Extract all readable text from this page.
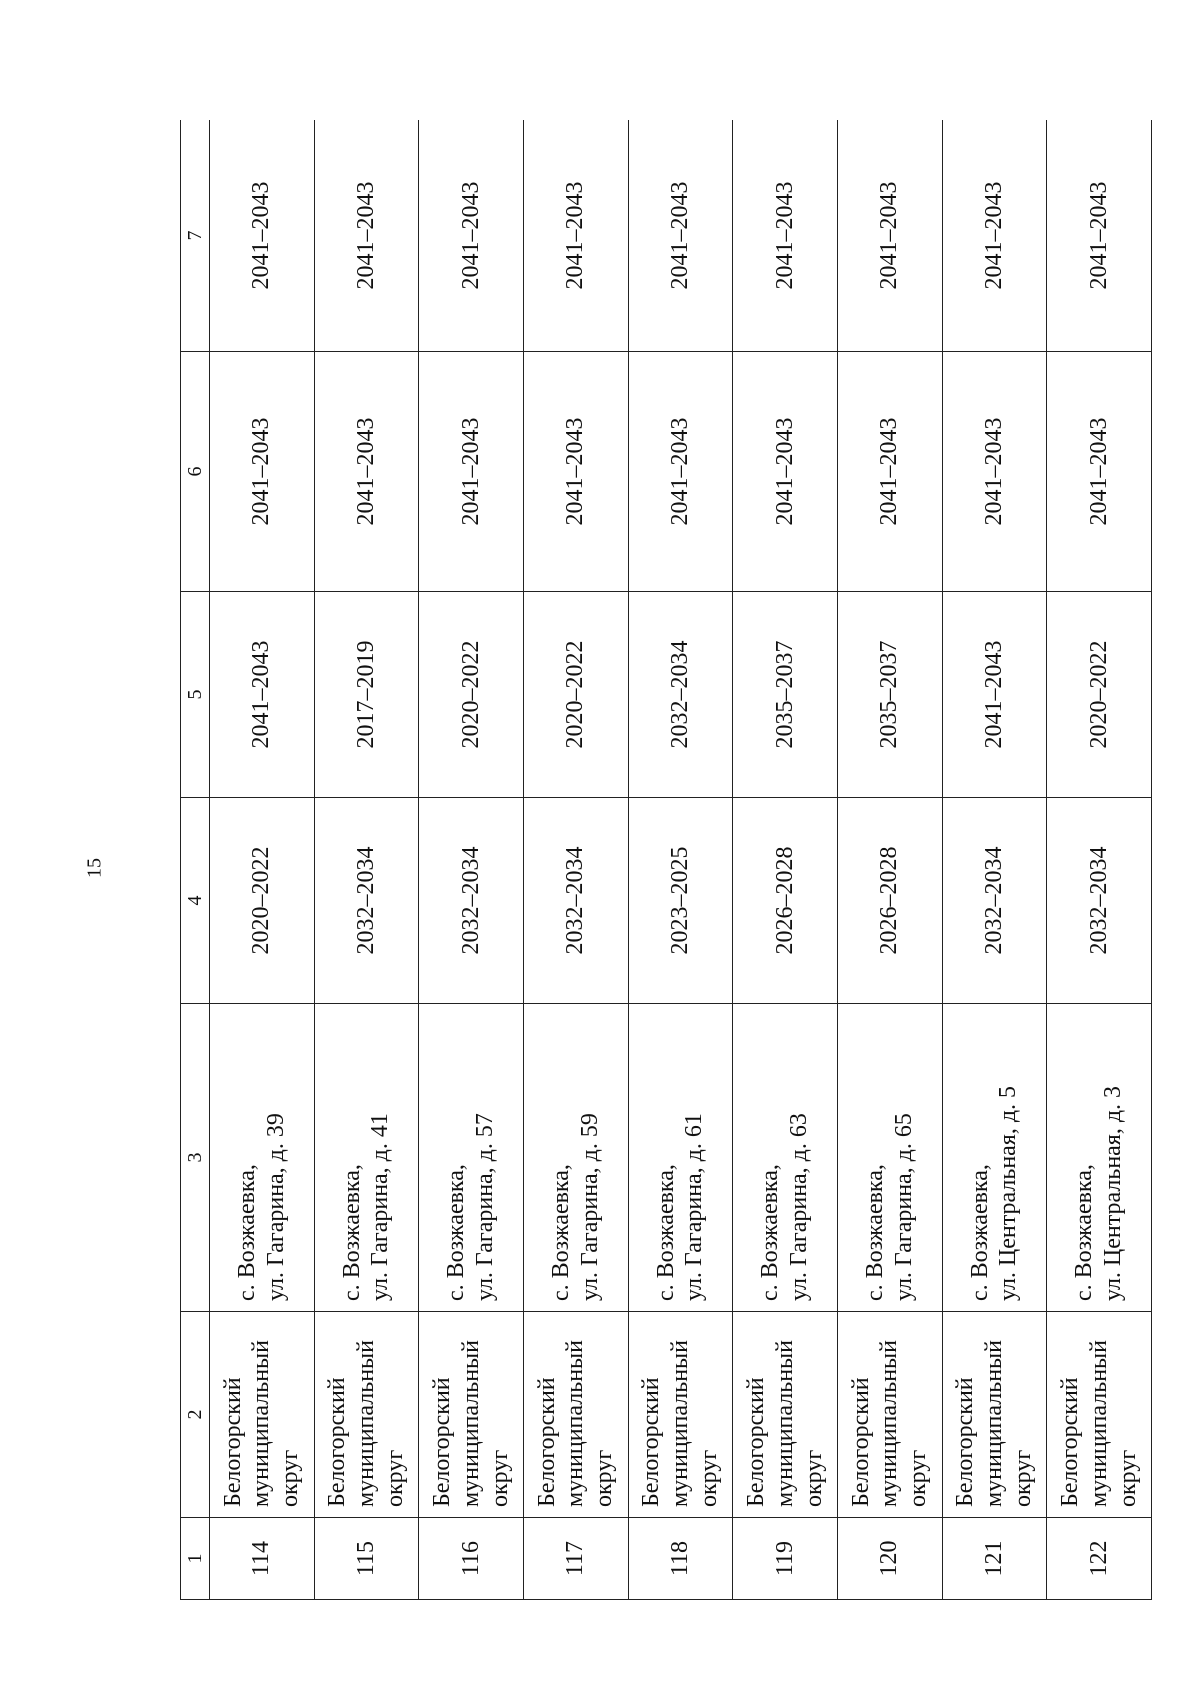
15
1	2	3	4	5	6	7
114	Белогорский муниципальный округ	с. Возжаевка, ул. Гагарина, д. 39	2020–2022	2041–2043	2041–2043	2041–2043
115	Белогорский муниципальный округ	с. Возжаевка, ул. Гагарина, д. 41	2032–2034	2017–2019	2041–2043	2041–2043
116	Белогорский муниципальный округ	с. Возжаевка, ул. Гагарина, д. 57	2032–2034	2020–2022	2041–2043	2041–2043
117	Белогорский муниципальный округ	с. Возжаевка, ул. Гагарина, д. 59	2032–2034	2020–2022	2041–2043	2041–2043
118	Белогорский муниципальный округ	с. Возжаевка, ул. Гагарина, д. 61	2023–2025	2032–2034	2041–2043	2041–2043
119	Белогорский муниципальный округ	с. Возжаевка, ул. Гагарина, д. 63	2026–2028	2035–2037	2041–2043	2041–2043
120	Белогорский муниципальный округ	с. Возжаевка, ул. Гагарина, д. 65	2026–2028	2035–2037	2041–2043	2041–2043
121	Белогорский муниципальный округ	с. Возжаевка, ул. Центральная, д. 5	2032–2034	2041–2043	2041–2043	2041–2043
122	Белогорский муниципальный округ	с. Возжаевка, ул. Центральная, д. 3	2032–2034	2020–2022	2041–2043	2041–2043
